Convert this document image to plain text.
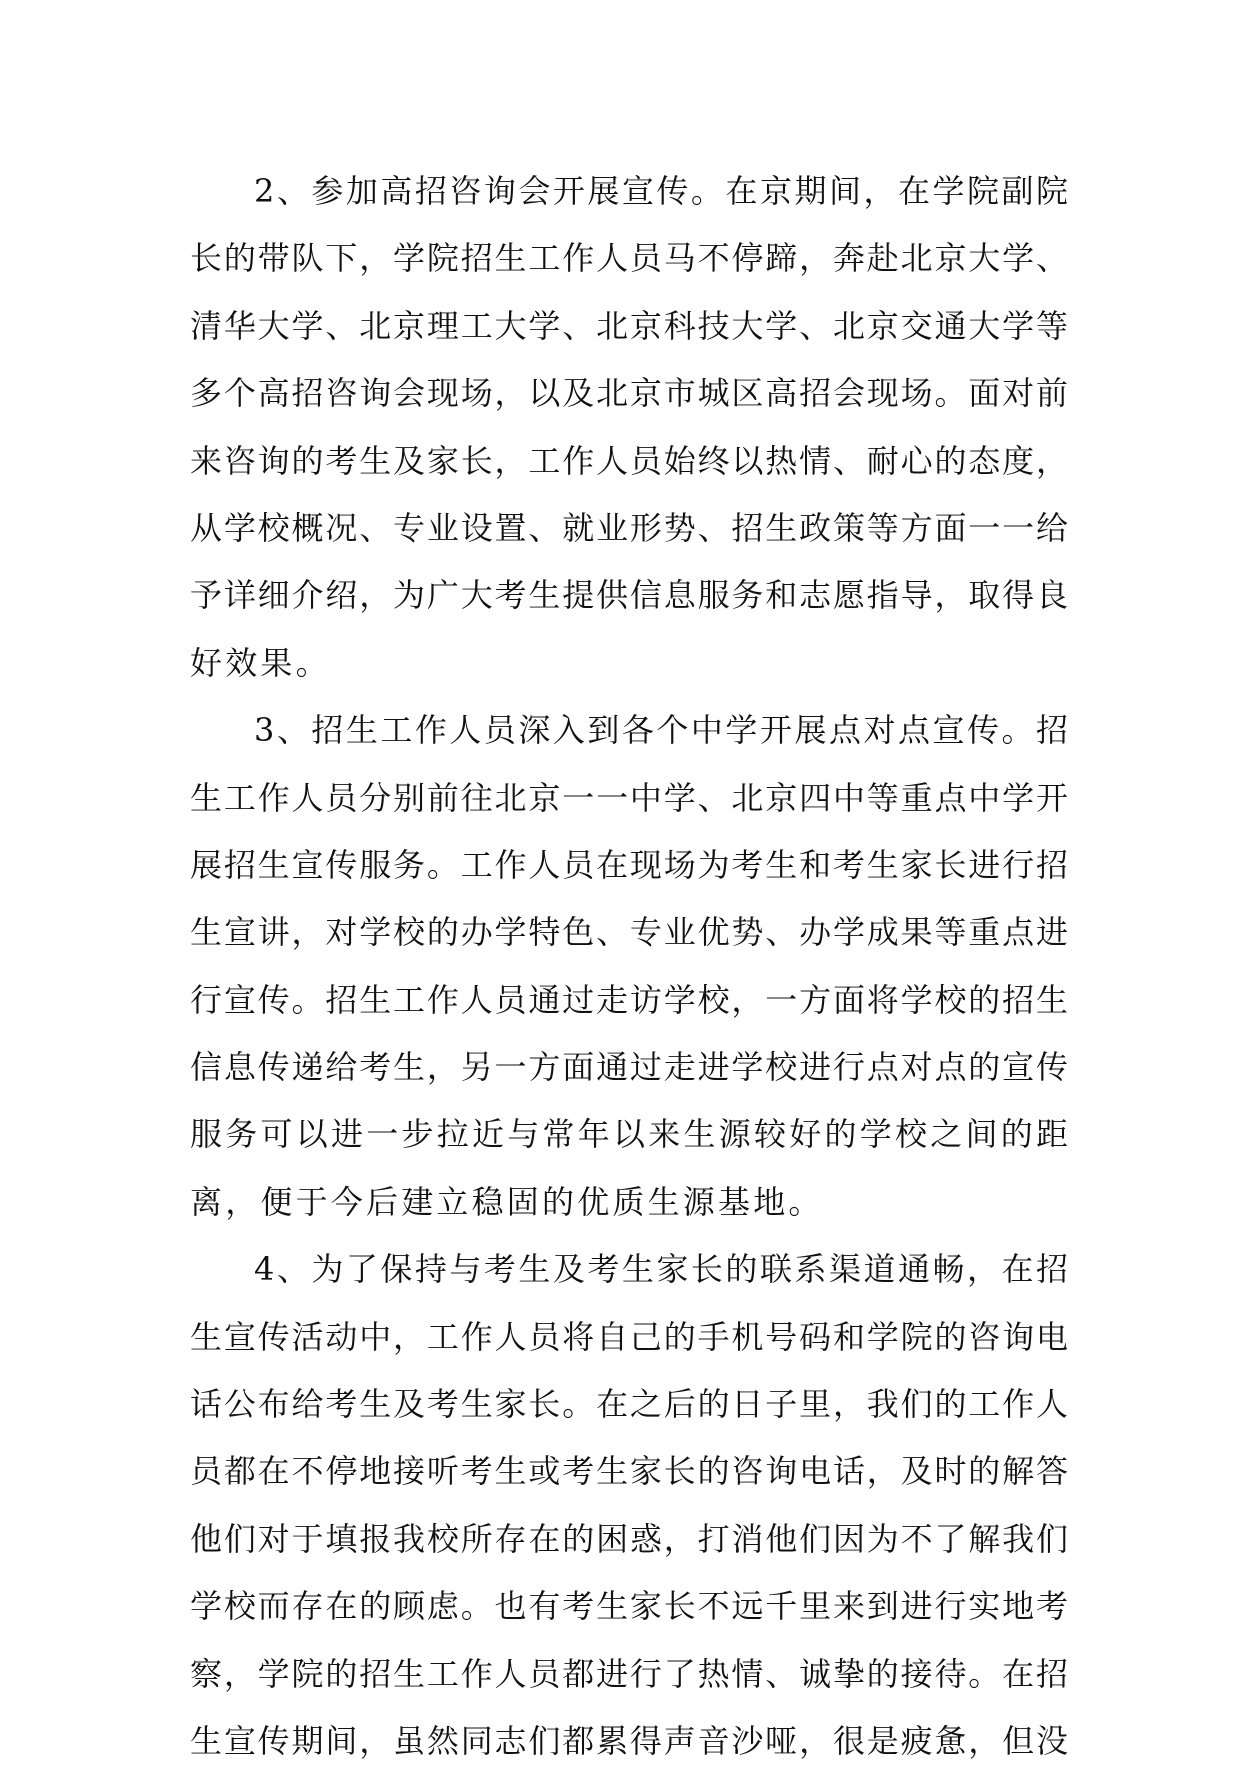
2、参加高招咨询会开展宣传。在京期间，在学院副院
长的带队下，学院招生工作人员马不停蹄，奔赴北京大学、
清华大学、北京理工大学、北京科技大学、北京交通大学等
多个高招咨询会现场，以及北京市城区高招会现场。面对前
来咨询的考生及家长，工作人员始终以热情、耐心的态度，
从学校概况、专业设置、就业形势、招生政策等方面一一给
予详细介绍，为广大考生提供信息服务和志愿指导，取得良
好效果。
3、招生工作人员深入到各个中学开展点对点宣传。招
生工作人员分别前往北京一一中学、北京四中等重点中学开
展招生宣传服务。工作人员在现场为考生和考生家长进行招
生宣讲，对学校的办学特色、专业优势、办学成果等重点进
行宣传。招生工作人员通过走访学校，一方面将学校的招生
信息传递给考生，另一方面通过走进学校进行点对点的宣传
服务可以进一步拉近与常年以来生源较好的学校之间的距
离，便于今后建立稳固的优质生源基地。
4、为了保持与考生及考生家长的联系渠道通畅，在招
生宣传活动中，工作人员将自己的手机号码和学院的咨询电
话公布给考生及考生家长。在之后的日子里，我们的工作人
员都在不停地接听考生或考生家长的咨询电话，及时的解答
他们对于填报我校所存在的困惑，打消他们因为不了解我们
学校而存在的顾虑。也有考生家长不远千里来到进行实地考
察，学院的招生工作人员都进行了热情、诚挚的接待。在招
生宣传期间，虽然同志们都累得声音沙哑，很是疲惫，但没
